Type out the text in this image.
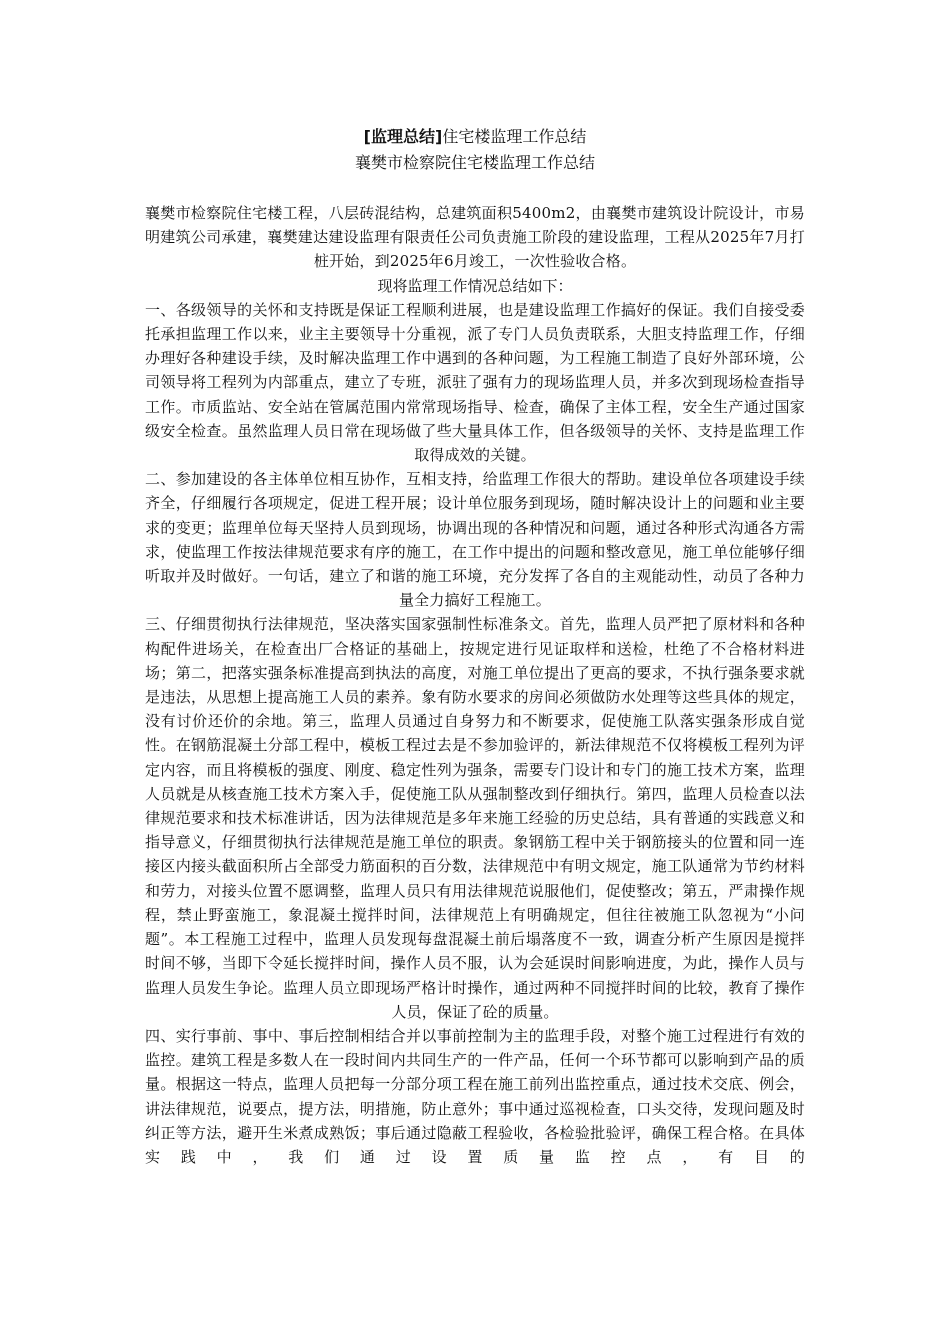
[监理总结]住宅楼监理工作总结

襄樊市检察院住宅楼监理工作总结

襄樊市检察院住宅楼工程，八层砖混结构，总建筑面积5400m2，由襄樊市建筑设计院设计，市易明建筑公司承建，襄樊建达建设监理有限责任公司负责施工阶段的建设监理，工程从2025年7月打桩开始，到2025年6月竣工，一次性验收合格。

现将监理工作情况总结如下：

一、各级领导的关怀和支持既是保证工程顺利进展，也是建设监理工作搞好的保证。我们自接受委托承担监理工作以来，业主主要领导十分重视，派了专门人员负责联系，大胆支持监理工作，仔细办理好各种建设手续，及时解决监理工作中遇到的各种问题，为工程施工制造了良好外部环境，公司领导将工程列为内部重点，建立了专班，派驻了强有力的现场监理人员，并多次到现场检查指导工作。市质监站、安全站在管属范围内常常现场指导、检查，确保了主体工程，安全生产通过国家级安全检查。虽然监理人员日常在现场做了些大量具体工作，但各级领导的关怀、支持是监理工作取得成效的关键。

二、参加建设的各主体单位相互协作，互相支持，给监理工作很大的帮助。建设单位各项建设手续齐全，仔细履行各项规定，促进工程开展；设计单位服务到现场，随时解决设计上的问题和业主要求的变更；监理单位每天坚持人员到现场，协调出现的各种情况和问题，通过各种形式沟通各方需求，使监理工作按法律规范要求有序的施工，在工作中提出的问题和整改意见，施工单位能够仔细听取并及时做好。一句话，建立了和谐的施工环境，充分发挥了各自的主观能动性，动员了各种力量全力搞好工程施工。

三、仔细贯彻执行法律规范，坚决落实国家强制性标准条文。首先，监理人员严把了原材料和各种构配件进场关，在检查出厂合格证的基础上，按规定进行见证取样和送检，杜绝了不合格材料进场；第二，把落实强条标准提高到执法的高度，对施工单位提出了更高的要求，不执行强条要求就是违法，从思想上提高施工人员的素养。象有防水要求的房间必须做防水处理等这些具体的规定，没有讨价还价的余地。第三，监理人员通过自身努力和不断要求，促使施工队落实强条形成自觉性。在钢筋混凝土分部工程中，模板工程过去是不参加验评的，新法律规范不仅将模板工程列为评定内容，而且将模板的强度、刚度、稳定性列为强条，需要专门设计和专门的施工技术方案，监理人员就是从核查施工技术方案入手，促使施工队从强制整改到仔细执行。第四，监理人员检查以法律规范要求和技术标准讲话，因为法律规范是多年来施工经验的历史总结，具有普通的实践意义和指导意义，仔细贯彻执行法律规范是施工单位的职责。象钢筋工程中关于钢筋接头的位置和同一连接区内接头截面积所占全部受力筋面积的百分数，法律规范中有明文规定，施工队通常为节约材料和劳力，对接头位置不愿调整，监理人员只有用法律规范说服他们，促使整改；第五，严肃操作规程，禁止野蛮施工，象混凝土搅拌时间，法律规范上有明确规定，但往往被施工队忽视为“小问题”。本工程施工过程中，监理人员发现每盘混凝土前后塌落度不一致，调查分析产生原因是搅拌时间不够，当即下令延长搅拌时间，操作人员不服，认为会延误时间影响进度，为此，操作人员与监理人员发生争论。监理人员立即现场严格计时操作，通过两种不同搅拌时间的比较，教育了操作人员，保证了砼的质量。

四、实行事前、事中、事后控制相结合并以事前控制为主的监理手段，对整个施工过程进行有效的监控。建筑工程是多数人在一段时间内共同生产的一件产品，任何一个环节都可以影响到产品的质量。根据这一特点，监理人员把每一分部分项工程在施工前列出监控重点，通过技术交底、例会，讲法律规范，说要点，提方法，明措施，防止意外；事中通过巡视检查，口头交待，发现问题及时纠正等方法，避开生米煮成熟饭；事后通过隐蔽工程验收，各检验批验评，确保工程合格。在具体实践中，我们通过设置质量监控点，有目的
